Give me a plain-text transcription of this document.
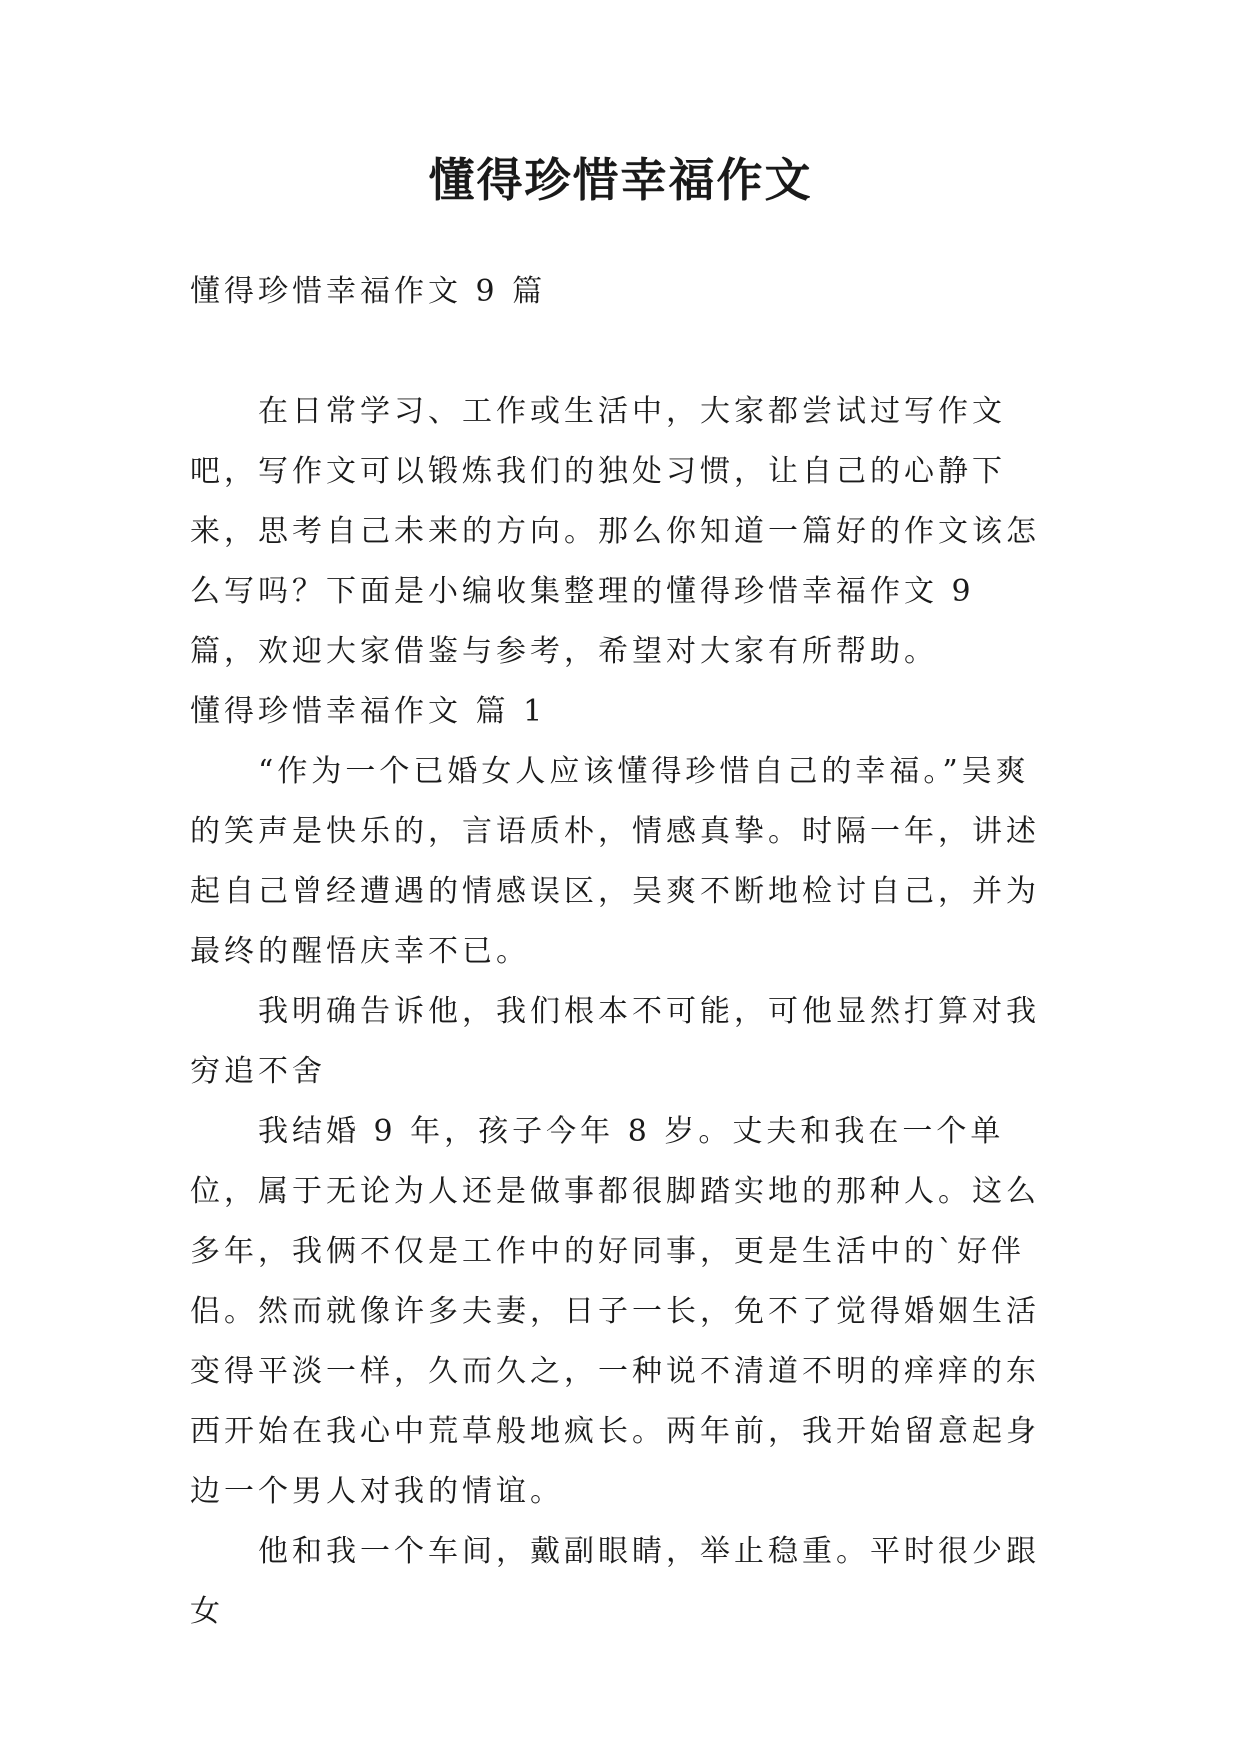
懂得珍惜幸福作文

懂得珍惜幸福作文 9 篇

在日常学习、工作或生活中，大家都尝试过写作文吧，写作文可以锻炼我们的独处习惯，让自己的心静下来，思考自己未来的方向。那么你知道一篇好的作文该怎么写吗？下面是小编收集整理的懂得珍惜幸福作文 9 篇，欢迎大家借鉴与参考，希望对大家有所帮助。

懂得珍惜幸福作文 篇 1

“作为一个已婚女人应该懂得珍惜自己的幸福。”吴爽的笑声是快乐的，言语质朴，情感真挚。时隔一年，讲述起自己曾经遭遇的情感误区，吴爽不断地检讨自己，并为最终的醒悟庆幸不已。

我明确告诉他，我们根本不可能，可他显然打算对我穷追不舍

我结婚 9 年，孩子今年 8 岁。丈夫和我在一个单位，属于无论为人还是做事都很脚踏实地的那种人。这么多年，我俩不仅是工作中的好同事，更是生活中的`好伴侣。然而就像许多夫妻，日子一长，免不了觉得婚姻生活变得平淡一样，久而久之，一种说不清道不明的痒痒的东西开始在我心中荒草般地疯长。两年前，我开始留意起身边一个男人对我的情谊。

他和我一个车间，戴副眼睛，举止稳重。平时很少跟女
